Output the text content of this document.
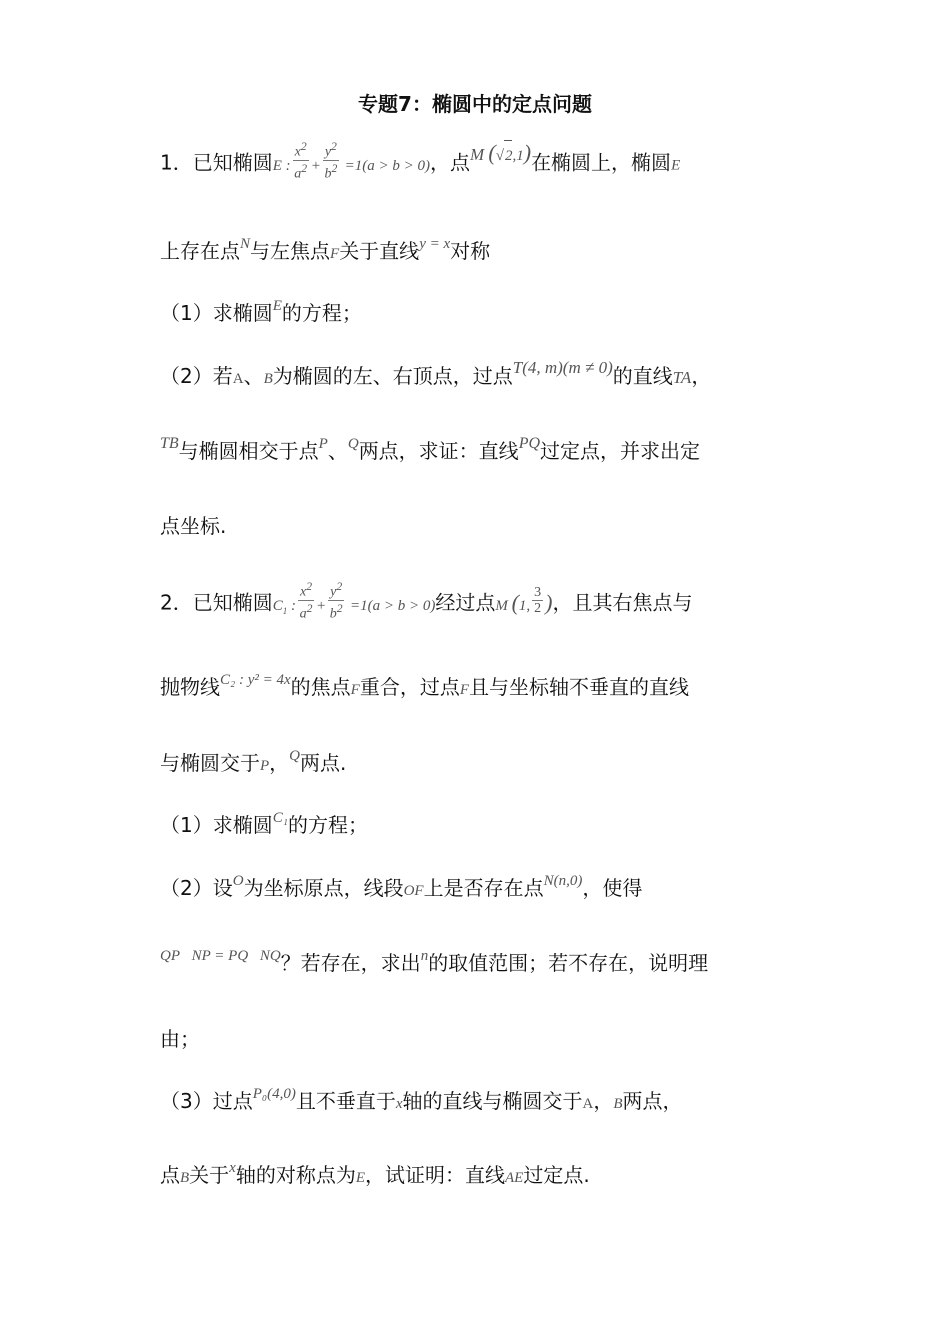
专题7：椭圆中的定点问题
1．已知椭圆E : $\frac{x^2}{a^2} + \frac{y^2}{b^2} =1(a > b > 0)$，点$^{M (√2,1)}$在椭圆上，椭圆E
上存在点$^N$与左焦点F关于直线$^{y = x}$对称
（1）求椭圆$^E$的方程；
（2）若A、B为椭圆的左、右顶点，过点$^{T(4, m)(m \ne 0)}$的直线TA，
$^{TB}$与椭圆相交于点$^P$、$^Q$两点，求证：直线$^{PQ}$过定点，并求出定
点坐标.
2．已知椭圆$C_1$ : $\frac{x^2}{a^2} + \frac{y^2}{b^2} =1(a > b > 0)$经过点M (1, $\frac{3}{2}$ )，且其右焦点与
抛物线$^{C_2 : y^2 = 4x}$的焦点F重合，过点F且与坐标轴不垂直的直线
与椭圆交于P，$^Q$两点.
（1）求椭圆$^{C_1}$的方程；
（2）设$^O$为坐标原点，线段OF上是否存在点$^{N(n,0)}$，使得
$^{QP⃞NP = PQ⃞NQ}$？若存在，求出$^n$的取值范围；若不存在，说明理
由；
（3）过点$^{P_0(4,0)}$且不垂直于x轴的直线与椭圆交于A，B两点，
点B关于$^x$轴的对称点为E，试证明：直线AE过定点.
